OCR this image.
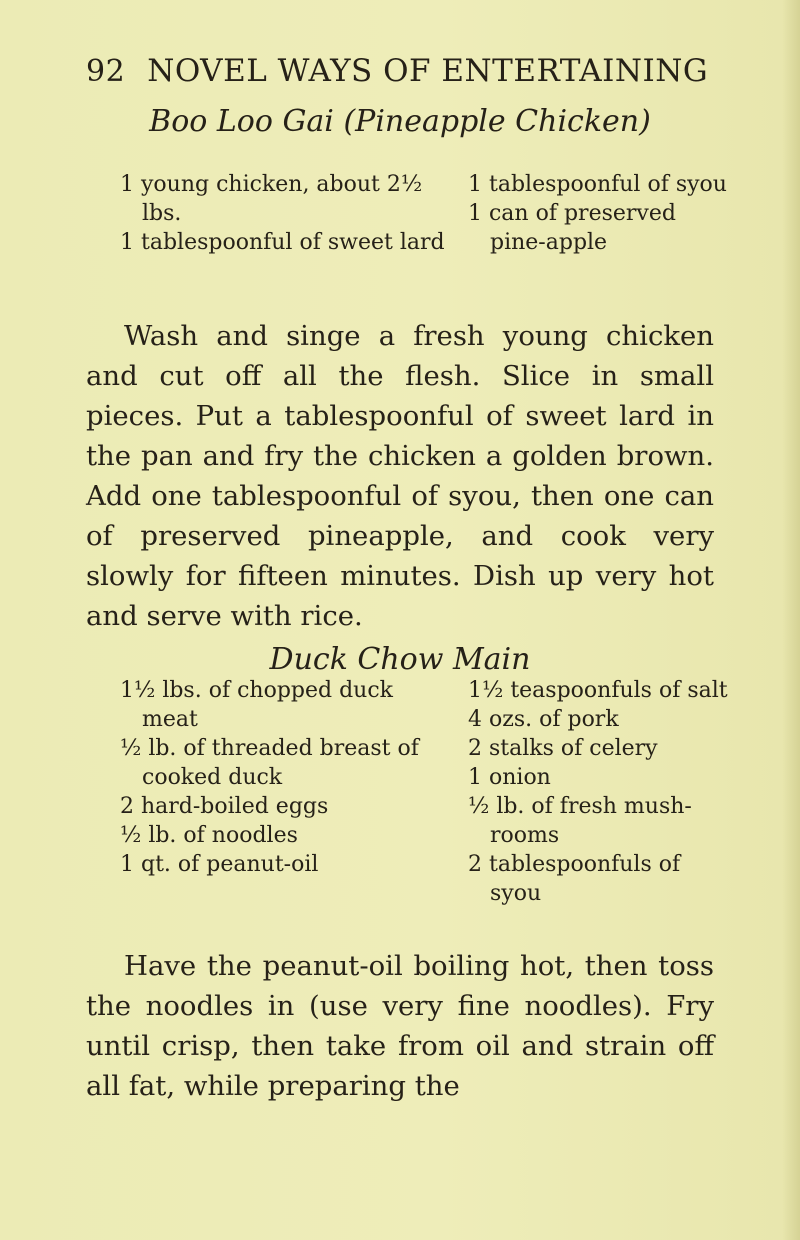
92 NOVEL WAYS OF ENTERTAINING
Boo Loo Gai (Pineapple Chicken)
1 young chicken, about 2½ lbs.
1 tablespoonful of sweet lard
1 tablespoonful of syou
1 can of preserved pine-apple

Wash and singe a fresh young chicken and cut off all the flesh. Slice in small pieces. Put a tablespoonful of sweet lard in the pan and fry the chicken a golden brown. Add one tablespoonful of syou, then one can of preserved pineapple, and cook very slowly for fifteen minutes. Dish up very hot and serve with rice.

Duck Chow Main
1½ lbs. of chopped duck meat
½ lb. of threaded breast of cooked duck
2 hard-boiled eggs
½ lb. of noodles
1 qt. of peanut-oil
1½ teaspoonfuls of salt
4 ozs. of pork
2 stalks of celery
1 onion
½ lb. of fresh mush-rooms
2 tablespoonfuls of syou

Have the peanut-oil boiling hot, then toss the noodles in (use very fine noodles). Fry until crisp, then take from oil and strain off all fat, while preparing the
